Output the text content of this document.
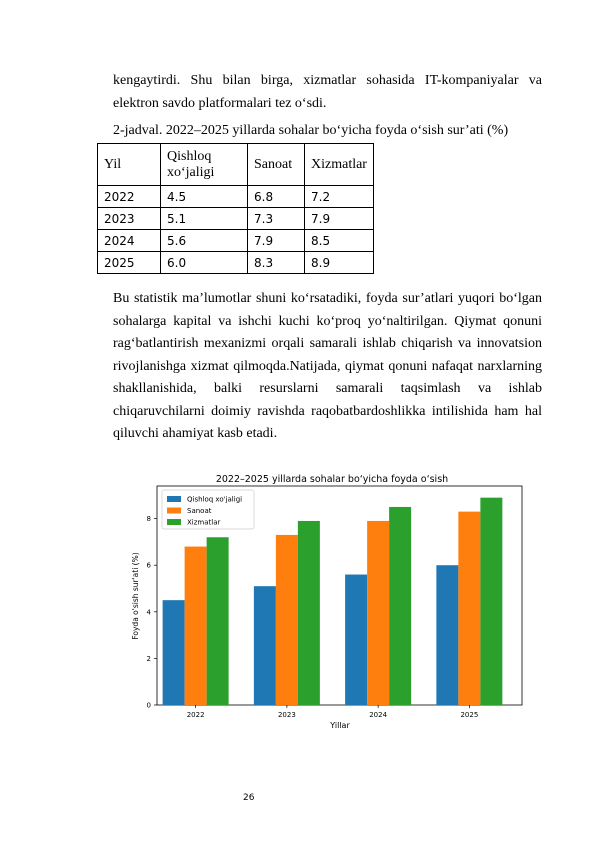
kengaytirdi. Shu bilan birga, xizmatlar sohasida IT-kompaniyalar va elektron savdo platformalari tez o‘sdi.
2-jadval. 2022–2025 yillarda sohalar bo‘yicha foyda o‘sish sur’ati (%)
Yil	Qishloq xo‘jaligi	Sanoat	Xizmatlar
2022	4.5	6.8	7.2
2023	5.1	7.3	7.9
2024	5.6	7.9	8.5
2025	6.0	8.3	8.9
Bu statistik ma’lumotlar shuni ko‘rsatadiki, foyda sur’atlari yuqori bo‘lgan sohalarga kapital va ishchi kuchi ko‘proq yo‘naltirilgan. Qiymat qonuni rag‘batlantirish mexanizmi orqali samarali ishlab chiqarish va innovatsion rivojlanishga xizmat qilmoqda.Natijada, qiymat qonuni nafaqat narxlarning shakllanishida, balki resurslarni samarali taqsimlash va ishlab chiqaruvchilarni doimiy ravishda raqobatbardoshlikka intilishida ham hal qiluvchi ahamiyat kasb etadi.
2022–2025 yillarda sohalar bo‘yicha foyda o‘sish
0
2
4
6
8
2022	2023	2024	2025
Qishloq xo'jaligi
Sanoat
Xizmatlar
Yillar
Foyda o'sish sur'ati (%)
26
